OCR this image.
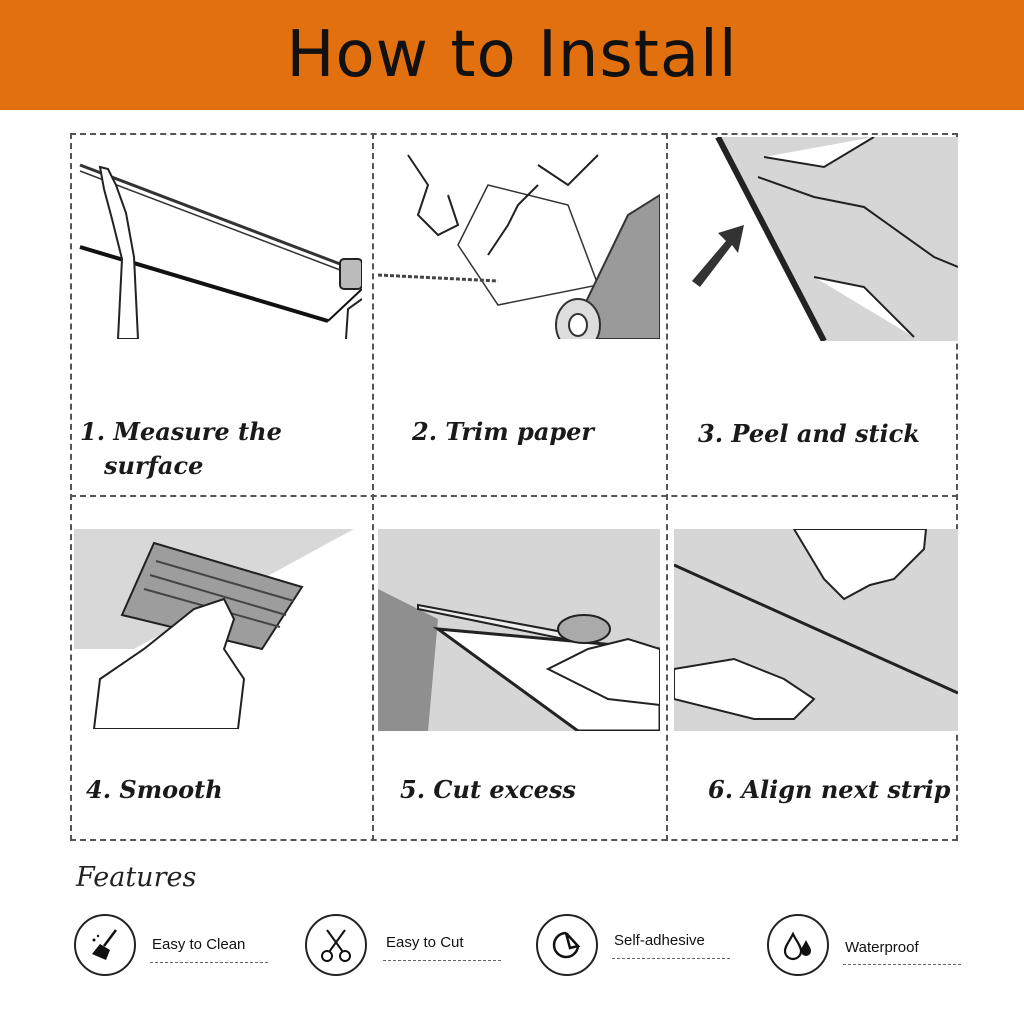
How to Install
1. Measure the
surface
2. Trim paper	3. Peel and stick
4. Smooth	5. Cut excess	6. Align next strip
Features
Easy to Clean	Easy to Cut	Self-adhesive	Waterproof
